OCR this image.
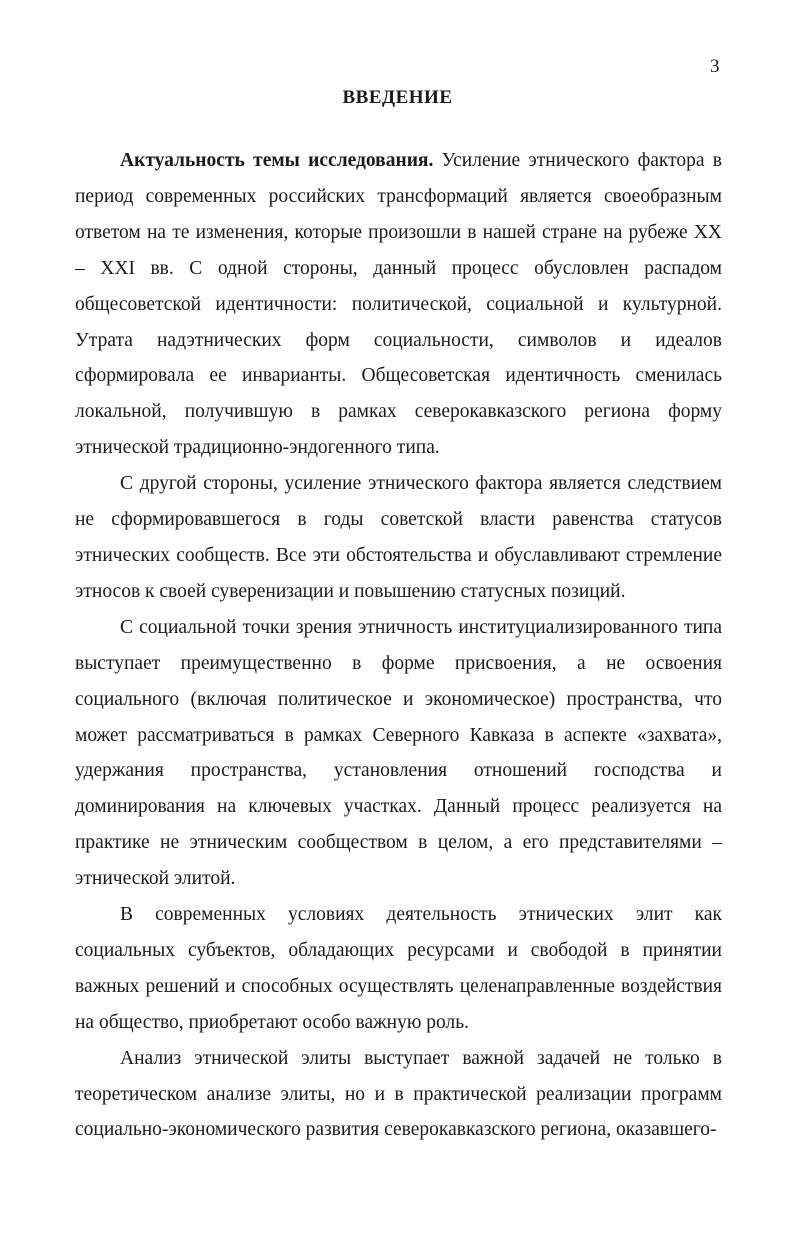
3
ВВЕДЕНИЕ

Актуальность темы исследования. Усиление этнического фактора в период современных российских трансформаций является своеобразным ответом на те изменения, которые произошли в нашей стране на рубеже XX – XXI вв. С одной стороны, данный процесс обусловлен распадом общесоветской идентичности: политической, социальной и культурной. Утрата надэтнических форм социальности, символов и идеалов сформировала ее инварианты. Общесоветская идентичность сменилась локальной, получившую в рамках северокавказского региона форму этнической традиционно-эндогенного типа.

С другой стороны, усиление этнического фактора является следствием не сформировавшегося в годы советской власти равенства статусов этнических сообществ. Все эти обстоятельства и обуславливают стремление этносов к своей суверенизации и повышению статусных позиций.

С социальной точки зрения этничность институциализированного типа выступает преимущественно в форме присвоения, а не освоения социального (включая политическое и экономическое) пространства, что может рассматриваться в рамках Северного Кавказа в аспекте «захвата», удержания пространства, установления отношений господства и доминирования на ключевых участках. Данный процесс реализуется на практике не этническим сообществом в целом, а его представителями – этнической элитой.

В современных условиях деятельность этнических элит как социальных субъектов, обладающих ресурсами и свободой в принятии важных решений и способных осуществлять целенаправленные воздействия на общество, приобретают особо важную роль.

Анализ этнической элиты выступает важной задачей не только в теоретическом анализе элиты, но и в практической реализации программ социально-экономического развития северокавказского региона, оказавшего-
